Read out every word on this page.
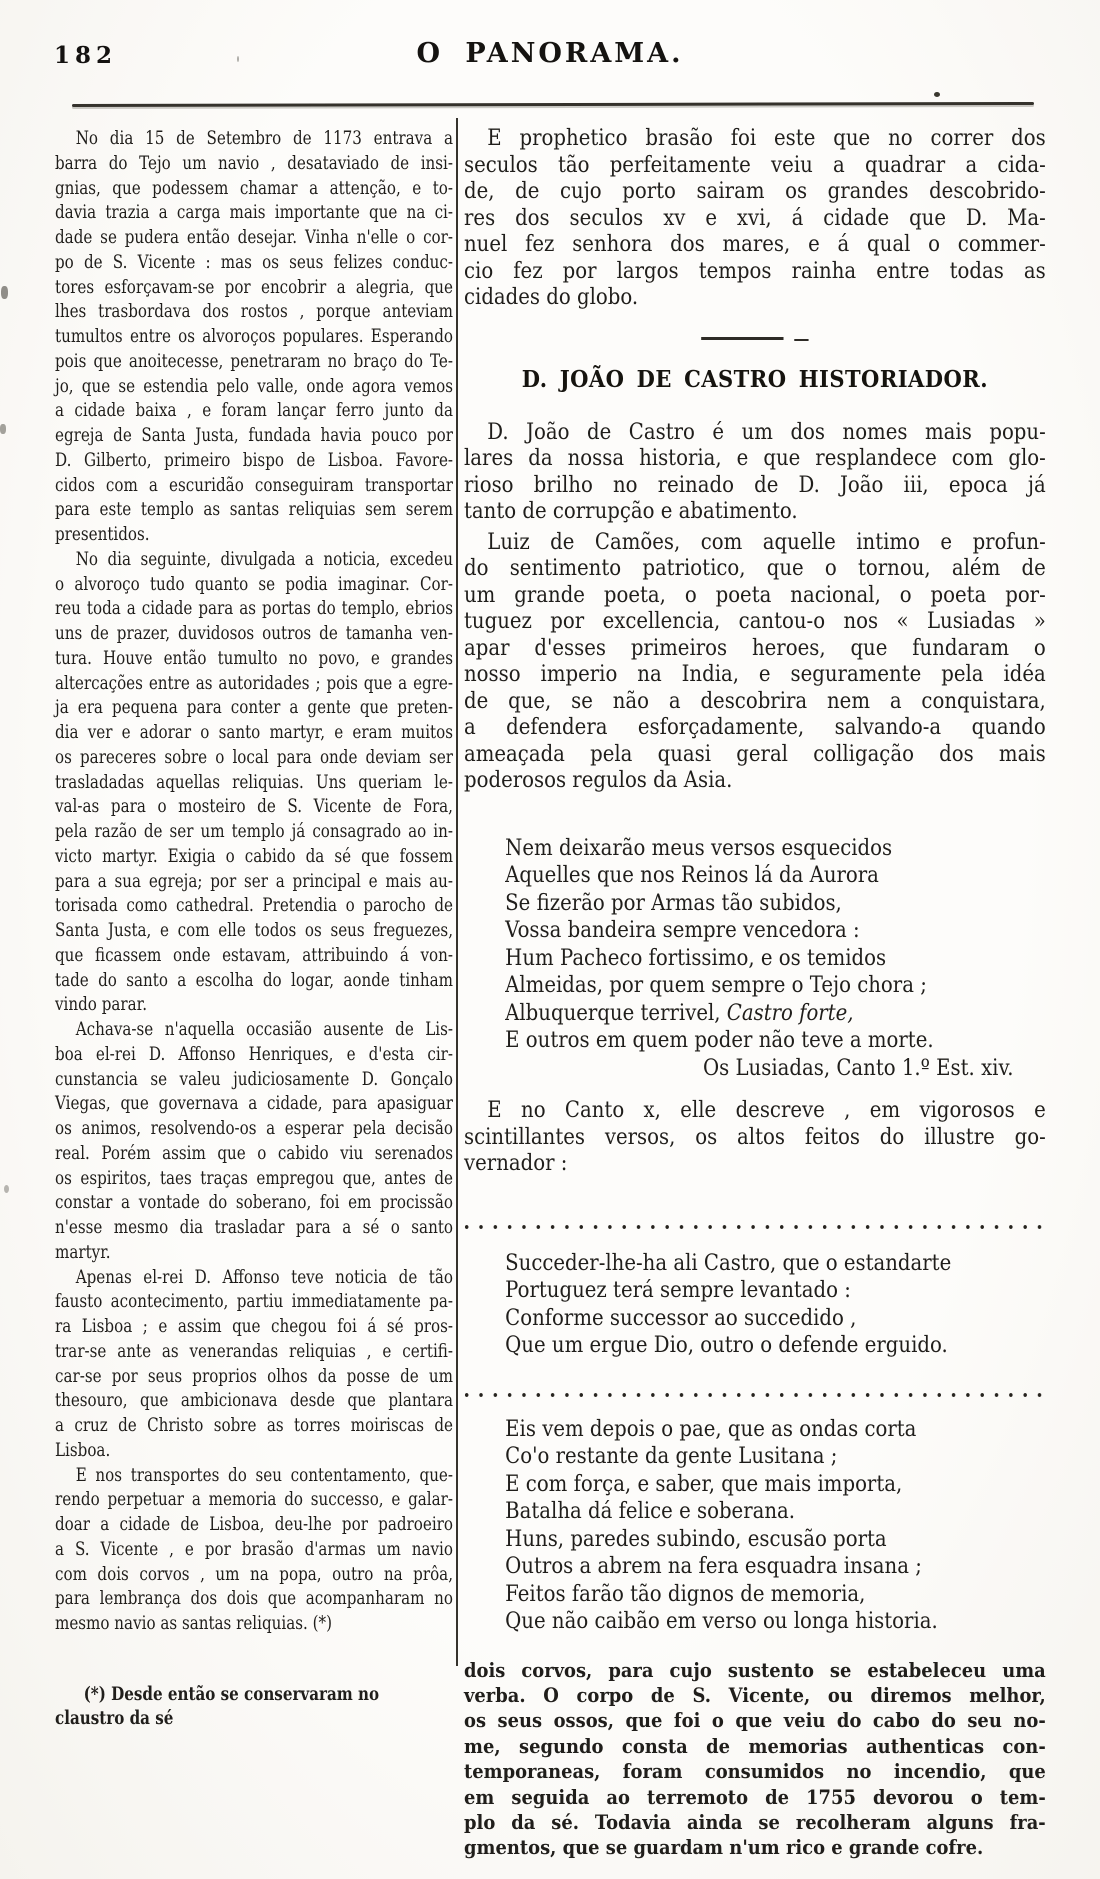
182	O PANORAMA.
No dia 15 de Setembro de 1173 entrava a
barra do Tejo um navio , desataviado de insi-
gnias, que podessem chamar a attenção, e to-
davia trazia a carga mais importante que na ci-
dade se pudera então desejar. Vinha n'elle o cor-
po de S. Vicente : mas os seus felizes conduc-
tores esforçavam-se por encobrir a alegria, que
lhes trasbordava dos rostos , porque anteviam
tumultos entre os alvoroços populares. Esperando
pois que anoitecesse, penetraram no braço do Te-
jo, que se estendia pelo valle, onde agora vemos
a cidade baixa , e foram lançar ferro junto da
egreja de Santa Justa, fundada havia pouco por
D. Gilberto, primeiro bispo de Lisboa. Favore-
cidos com a escuridão conseguiram transportar
para este templo as santas reliquias sem serem
presentidos.
No dia seguinte, divulgada a noticia, excedeu
o alvoroço tudo quanto se podia imaginar. Cor-
reu toda a cidade para as portas do templo, ebrios
uns de prazer, duvidosos outros de tamanha ven-
tura. Houve então tumulto no povo, e grandes
altercações entre as autoridades ; pois que a egre-
ja era pequena para conter a gente que preten-
dia ver e adorar o santo martyr, e eram muitos
os pareceres sobre o local para onde deviam ser
trasladadas aquellas reliquias. Uns queriam le-
val-as para o mosteiro de S. Vicente de Fora,
pela razão de ser um templo já consagrado ao in-
victo martyr. Exigia o cabido da sé que fossem
para a sua egreja; por ser a principal e mais au-
torisada como cathedral. Pretendia o parocho de
Santa Justa, e com elle todos os seus freguezes,
que ficassem onde estavam, attribuindo á von-
tade do santo a escolha do logar, aonde tinham
vindo parar.
Achava-se n'aquella occasião ausente de Lis-
boa el-rei D. Affonso Henriques, e d'esta cir-
cunstancia se valeu judiciosamente D. Gonçalo
Viegas, que governava a cidade, para apasiguar
os animos, resolvendo-os a esperar pela decisão
real. Porém assim que o cabido viu serenados
os espiritos, taes traças empregou que, antes de
constar a vontade do soberano, foi em procissão
n'esse mesmo dia trasladar para a sé o santo
martyr.
Apenas el-rei D. Affonso teve noticia de tão
fausto acontecimento, partiu immediatamente pa-
ra Lisboa ; e assim que chegou foi á sé pros-
trar-se ante as venerandas reliquias , e certifi-
car-se por seus proprios olhos da posse de um
thesouro, que ambicionava desde que plantara
a cruz de Christo sobre as torres moiriscas de
Lisboa.
E nos transportes do seu contentamento, que-
rendo perpetuar a memoria do successo, e galar-
doar a cidade de Lisboa, deu-lhe por padroeiro
a S. Vicente , e por brasão d'armas um navio
com dois corvos , um na popa, outro na prôa,
para lembrança dos dois que acompanharam no
mesmo navio as santas reliquias. (*)
(*) Desde então se conservaram no claustro da sé
E prophetico brasão foi este que no correr dos
seculos tão perfeitamente veiu a quadrar a cida-
de, de cujo porto sairam os grandes descobrido-
res dos seculos xv e xvi, á cidade que D. Ma-
nuel fez senhora dos mares, e á qual o commer-
cio fez por largos tempos rainha entre todas as
cidades do globo.
D. JOÃO DE CASTRO HISTORIADOR.
D. João de Castro é um dos nomes mais popu-
lares da nossa historia, e que resplandece com glo-
rioso brilho no reinado de D. João iii, epoca já
tanto de corrupção e abatimento.
Luiz de Camões, com aquelle intimo e profun-
do sentimento patriotico, que o tornou, além de
um grande poeta, o poeta nacional, o poeta por-
tuguez por excellencia, cantou-o nos « Lusiadas »
apar d'esses primeiros heroes, que fundaram o
nosso imperio na India, e seguramente pela idéa
de que, se não a descobrira nem a conquistara,
a defendera esforçadamente, salvando-a quando
ameaçada pela quasi geral colligação dos mais
poderosos regulos da Asia.
Nem deixarão meus versos esquecidos
Aquelles que nos Reinos lá da Aurora
Se fizerão por Armas tão subidos,
Vossa bandeira sempre vencedora :
Hum Pacheco fortissimo, e os temidos
Almeidas, por quem sempre o Tejo chora ;
Albuquerque terrivel, Castro forte,
E outros em quem poder não teve a morte.
Os Lusiadas, Canto 1.º Est. xiv.
E no Canto x, elle descreve , em vigorosos e
scintillantes versos, os altos feitos do illustre go-
vernador :
Succeder-lhe-ha ali Castro, que o estandarte
Portuguez terá sempre levantado :
Conforme successor ao succedido ,
Que um ergue Dio, outro o defende erguido.
Eis vem depois o pae, que as ondas corta
Co'o restante da gente Lusitana ;
E com força, e saber, que mais importa,
Batalha dá felice e soberana.
Huns, paredes subindo, escusão porta
Outros a abrem na fera esquadra insana ;
Feitos farão tão dignos de memoria,
Que não caibão em verso ou longa historia.
dois corvos, para cujo sustento se estabeleceu uma
verba. O corpo de S. Vicente, ou diremos melhor,
os seus ossos, que foi o que veiu do cabo do seu no-
me, segundo consta de memorias authenticas con-
temporaneas, foram consumidos no incendio, que
em seguida ao terremoto de 1755 devorou o tem-
plo da sé. Todavia ainda se recolheram alguns fra-
gmentos, que se guardam n'um rico e grande cofre.
